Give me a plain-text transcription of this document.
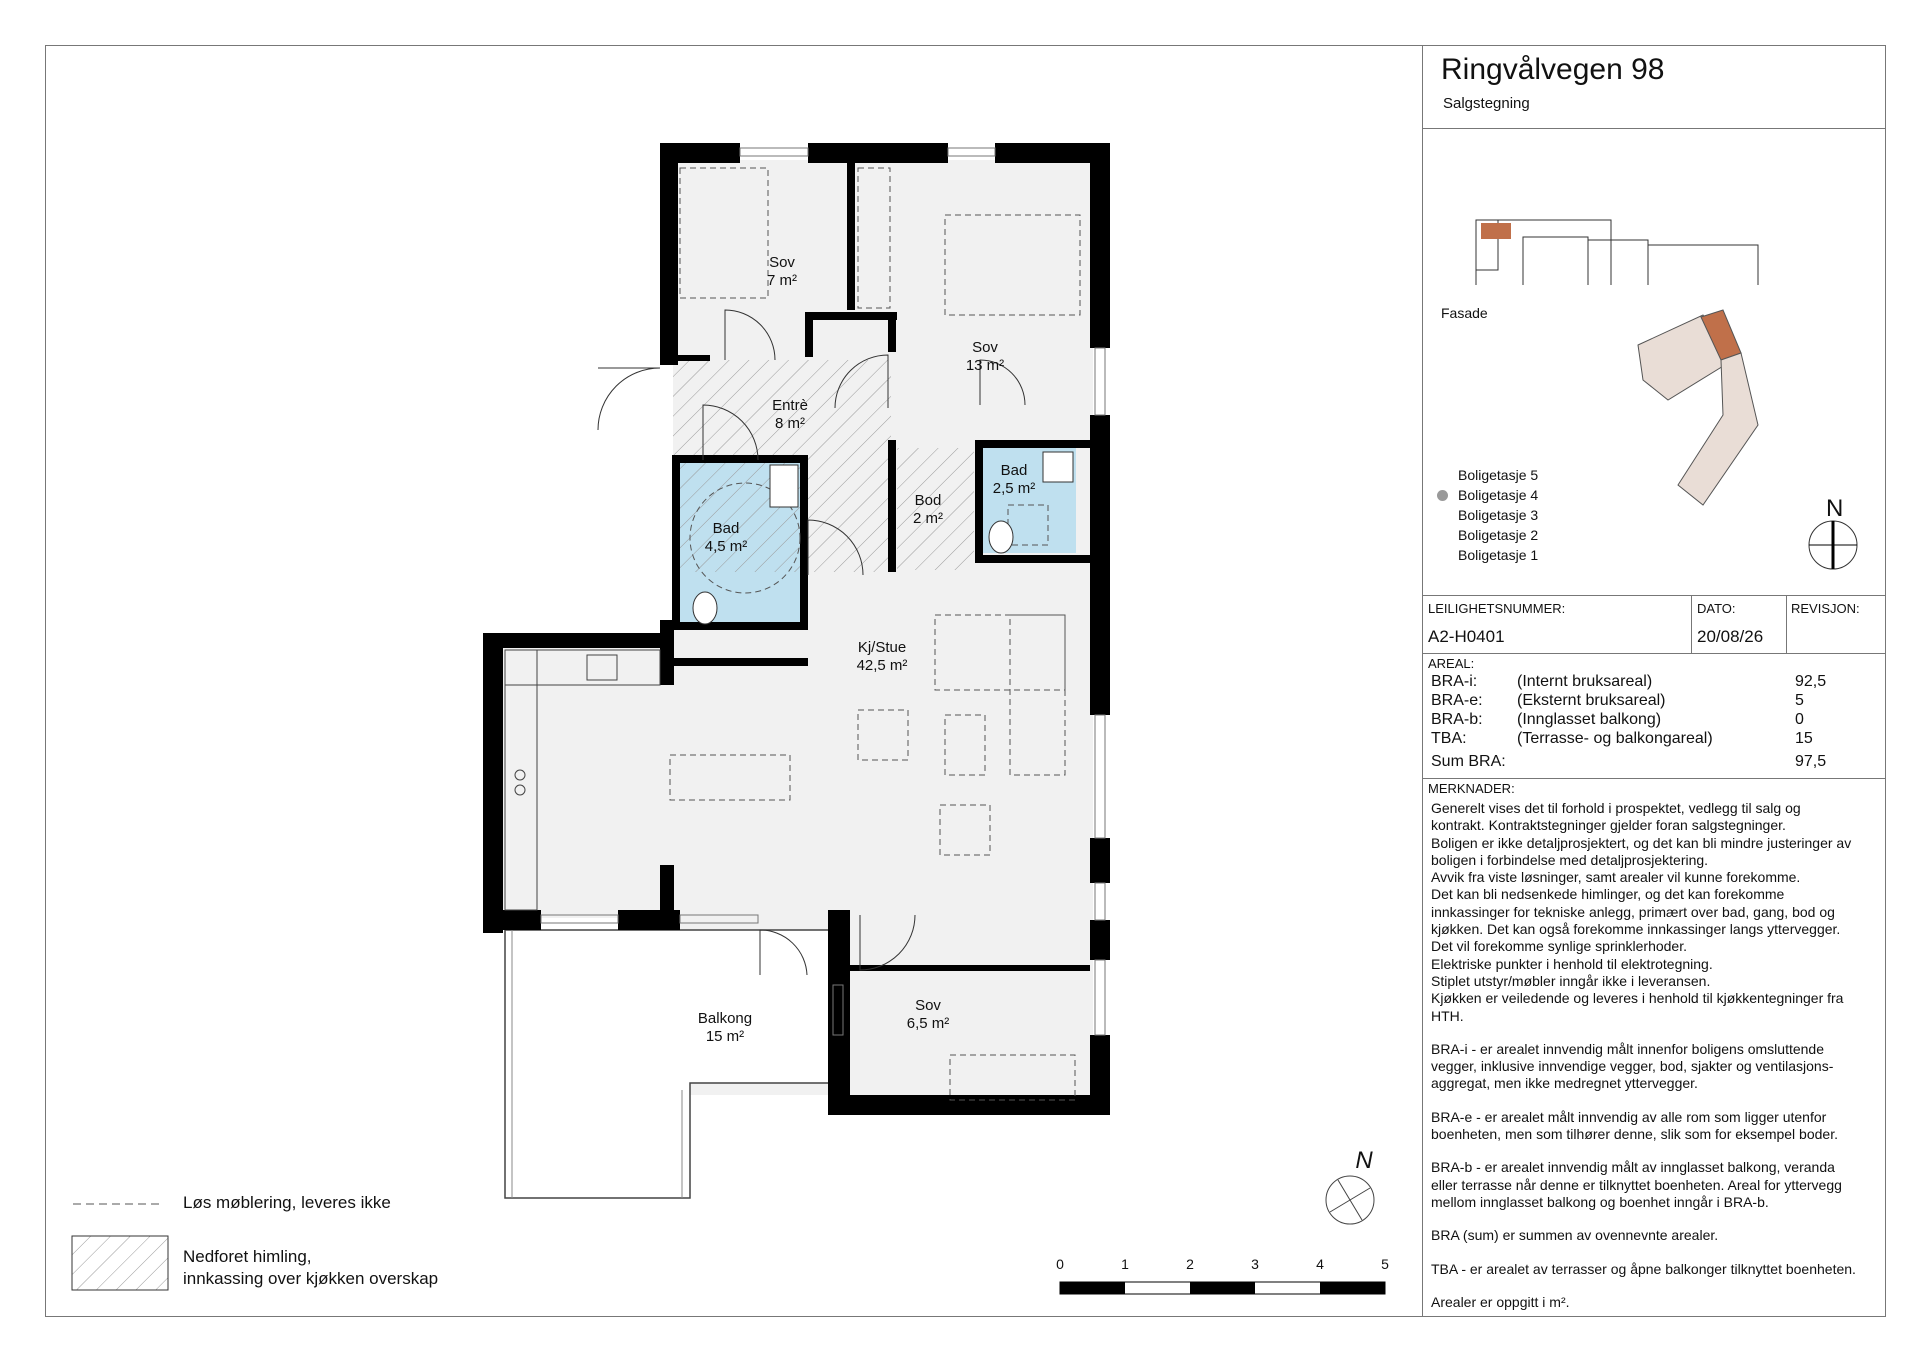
Sov
7 m²
Sov
13 m²
Entrè
8 m²
Bad
4,5 m²
Bod
2 m²
Bad
2,5 m²
Kj/Stue
42,5 m²
Balkong
15 m²
Sov
6,5 m²
N
0	1	2	3	4	5
Løs møblering, leveres ikke
Nedforet himling,
innkassing over kjøkken overskap
Ringvålvegen 98
Salgstegning
Fasade
N
Boligetasje 5
Boligetasje 4
Boligetasje 3
Boligetasje 2
Boligetasje 1
LEILIGHETSNUMMER:
A2-H0401
DATO:
20/08/26
REVISJON:
AREAL:
BRA-i: (Internt bruksareal)	92,5
BRA-e: (Eksternt bruksareal)	5
BRA-b: (Innglasset balkong)	0
TBA:	(Terrasse- og balkongareal)	15
Sum BRA:	97,5
MERKNADER:

Generelt vises det til forhold i prospektet, vedlegg til salg og
kontrakt. Kontraktstegninger gjelder foran salgstegninger.
Boligen er ikke detaljprosjektert, og det kan bli mindre justeringer av
boligen i forbindelse med detaljprosjektering.
Avvik fra viste løsninger, samt arealer vil kunne forekomme.
Det kan bli nedsenkede himlinger, og det kan forekomme
innkassinger for tekniske anlegg, primært over bad, gang, bod og
kjøkken. Det kan også forekomme innkassinger langs yttervegger.
Det vil forekomme synlige sprinklerhoder.
Elektriske punkter i henhold til elektrotegning.
Stiplet utstyr/møbler inngår ikke i leveransen.
Kjøkken er veiledende og leveres i henhold til kjøkkentegninger fra
HTH.

BRA-i - er arealet innvendig målt innenfor boligens omsluttende
vegger, inklusive innvendige vegger, bod, sjakter og ventilasjons-
aggregat, men ikke medregnet yttervegger.

BRA-e - er arealet målt innvendig av alle rom som ligger utenfor
boenheten, men som tilhører denne, slik som for eksempel boder.

BRA-b - er arealet innvendig målt av innglasset balkong, veranda
eller terrasse når denne er tilknyttet boenheten. Areal for yttervegg
mellom innglasset balkong og boenhet inngår i BRA-b.

BRA (sum) er summen av ovennevnte arealer.

TBA - er arealet av terrasser og åpne balkonger tilknyttet boenheten.

Arealer er oppgitt i m².
